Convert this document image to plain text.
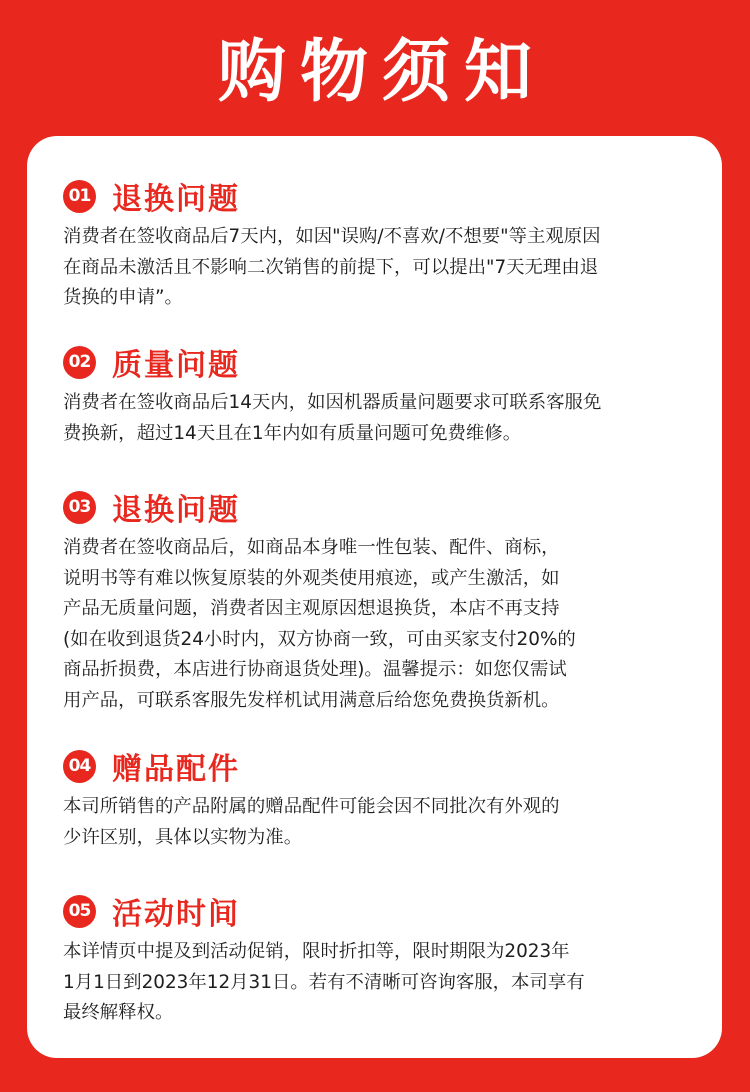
购物须知
01 退换问题
消费者在签收商品后7天内，如因"误购/不喜欢/不想要"等主观原因
在商品未激活且不影响二次销售的前提下，可以提出"7天无理由退
货换的申请”。
02 质量问题
消费者在签收商品后14天内，如因机器质量问题要求可联系客服免
费换新，超过14天且在1年内如有质量问题可免费维修。
03 退换问题
消费者在签收商品后，如商品本身唯一性包装、配件、商标，
说明书等有难以恢复原装的外观类使用痕迹，或产生激活，如
产品无质量问题，消费者因主观原因想退换货，本店不再支持
(如在收到退货24小时内，双方协商一致，可由买家支付20%的
商品折损费，本店进行协商退货处理)。温馨提示：如您仅需试
用产品，可联系客服先发样机试用满意后给您免费换货新机。
04 赠品配件
本司所销售的产品附属的赠品配件可能会因不同批次有外观的
少许区别，具体以实物为准。
05 活动时间
本详情页中提及到活动促销，限时折扣等，限时期限为2023年
1月1日到2023年12月31日。若有不清晰可咨询客服，本司享有
最终解释权。
